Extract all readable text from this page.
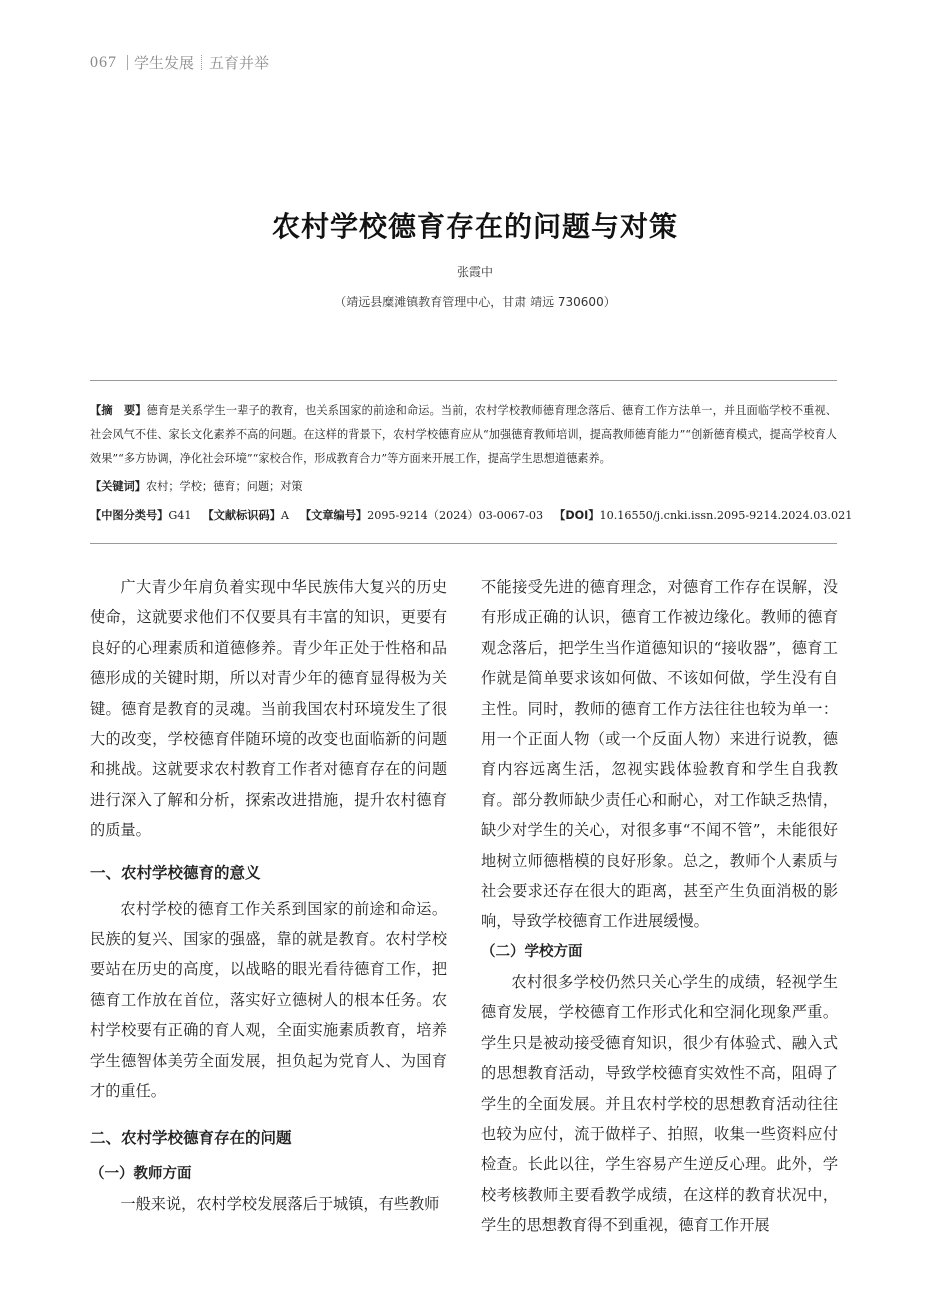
067 学生发展 五育并举
农村学校德育存在的问题与对策
张霞中
（靖远县糜滩镇教育管理中心，甘肃 靖远 730600）
【摘　要】德育是关系学生一辈子的教育，也关系国家的前途和命运。当前，农村学校教师德育理念落后、德育工作方法单一，并且面临学校不重视、社会风气不佳、家长文化素养不高的问题。在这样的背景下，农村学校德育应从“加强德育教师培训，提高教师德育能力”“创新德育模式，提高学校育人效果”“多方协调，净化社会环境”“家校合作，形成教育合力”等方面来开展工作，提高学生思想道德素养。
【关键词】农村；学校；德育；问题；对策
【中图分类号】G41 【文献标识码】A 【文章编号】2095-9214（2024）03-0067-03 【DOI】10.16550/j.cnki.issn.2095-9214.2024.03.021

广大青少年肩负着实现中华民族伟大复兴的历史使命，这就要求他们不仅要具有丰富的知识，更要有良好的心理素质和道德修养。青少年正处于性格和品德形成的关键时期，所以对青少年的德育显得极为关键。德育是教育的灵魂。当前我国农村环境发生了很大的改变，学校德育伴随环境的改变也面临新的问题和挑战。这就要求农村教育工作者对德育存在的问题进行深入了解和分析，探索改进措施，提升农村德育的质量。

一、农村学校德育的意义

农村学校的德育工作关系到国家的前途和命运。民族的复兴、国家的强盛，靠的就是教育。农村学校要站在历史的高度，以战略的眼光看待德育工作，把德育工作放在首位，落实好立德树人的根本任务。农村学校要有正确的育人观，全面实施素质教育，培养学生德智体美劳全面发展，担负起为党育人、为国育才的重任。

二、农村学校德育存在的问题
（一）教师方面

一般来说，农村学校发展落后于城镇，有些教师

不能接受先进的德育理念，对德育工作存在误解，没有形成正确的认识，德育工作被边缘化。教师的德育观念落后，把学生当作道德知识的“接收器”，德育工作就是简单要求该如何做、不该如何做，学生没有自主性。同时，教师的德育工作方法往往也较为单一：用一个正面人物（或一个反面人物）来进行说教，德育内容远离生活，忽视实践体验教育和学生自我教育。部分教师缺少责任心和耐心，对工作缺乏热情，缺少对学生的关心，对很多事“不闻不管”，未能很好地树立师德楷模的良好形象。总之，教师个人素质与社会要求还存在很大的距离，甚至产生负面消极的影响，导致学校德育工作进展缓慢。

（二）学校方面

农村很多学校仍然只关心学生的成绩，轻视学生德育发展，学校德育工作形式化和空洞化现象严重。学生只是被动接受德育知识，很少有体验式、融入式的思想教育活动，导致学校德育实效性不高，阻碍了学生的全面发展。并且农村学校的思想教育活动往往也较为应付，流于做样子、拍照，收集一些资料应付检查。长此以往，学生容易产生逆反心理。此外，学校考核教师主要看教学成绩，在这样的教育状况中，学生的思想教育得不到重视，德育工作开展
